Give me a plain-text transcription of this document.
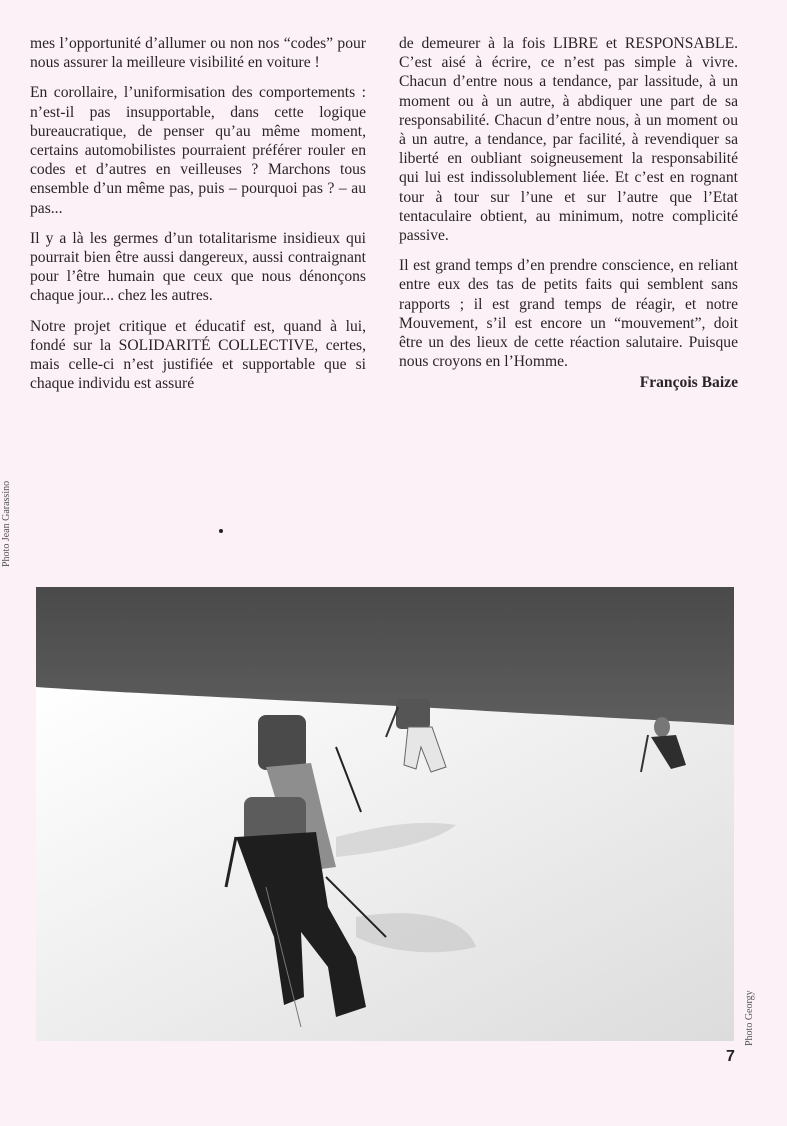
mes l’opportunité d’allumer ou non nos “codes” pour nous assurer la meilleure visibilité en voiture !

En corollaire, l’uniformisation des comportements : n’est-il pas insupportable, dans cette logique bureaucratique, de penser qu’au même moment, certains automobilistes pourraient préférer rouler en codes et d’autres en veilleuses ? Marchons tous ensemble d’un même pas, puis – pourquoi pas ? – au pas...

Il y a là les germes d’un totalitarisme insidieux qui pourrait bien être aussi dangereux, aussi contraignant pour l’être humain que ceux que nous dénonçons chaque jour... chez les autres.

Notre projet critique et éducatif est, quand à lui, fondé sur la SOLIDARITÉ COLLECTIVE, certes, mais celle-ci n’est justifiée et supportable que si chaque individu est assuré

de demeurer à la fois LIBRE et RESPONSABLE. C’est aisé à écrire, ce n’est pas simple à vivre. Chacun d’entre nous a tendance, par lassitude, à un moment ou à un autre, à abdiquer une part de sa responsabilité. Chacun d’entre nous, à un moment ou à un autre, a tendance, par facilité, à revendiquer sa liberté en oubliant soigneusement la responsabilité qui lui est indissolublement liée. Et c’est en rognant tour à tour sur l’une et sur l’autre que l’Etat tentaculaire obtient, au minimum, notre complicité passive.

Il est grand temps d’en prendre conscience, en reliant entre eux des tas de petits faits qui semblent sans rapports ; il est grand temps de réagir, et notre Mouvement, s’il est encore un “mouvement”, doit être un des lieux de cette réaction salutaire. Puisque nous croyons en l’Homme.

François Baize
Photo Jean Garassino
Photo Georgy
7
